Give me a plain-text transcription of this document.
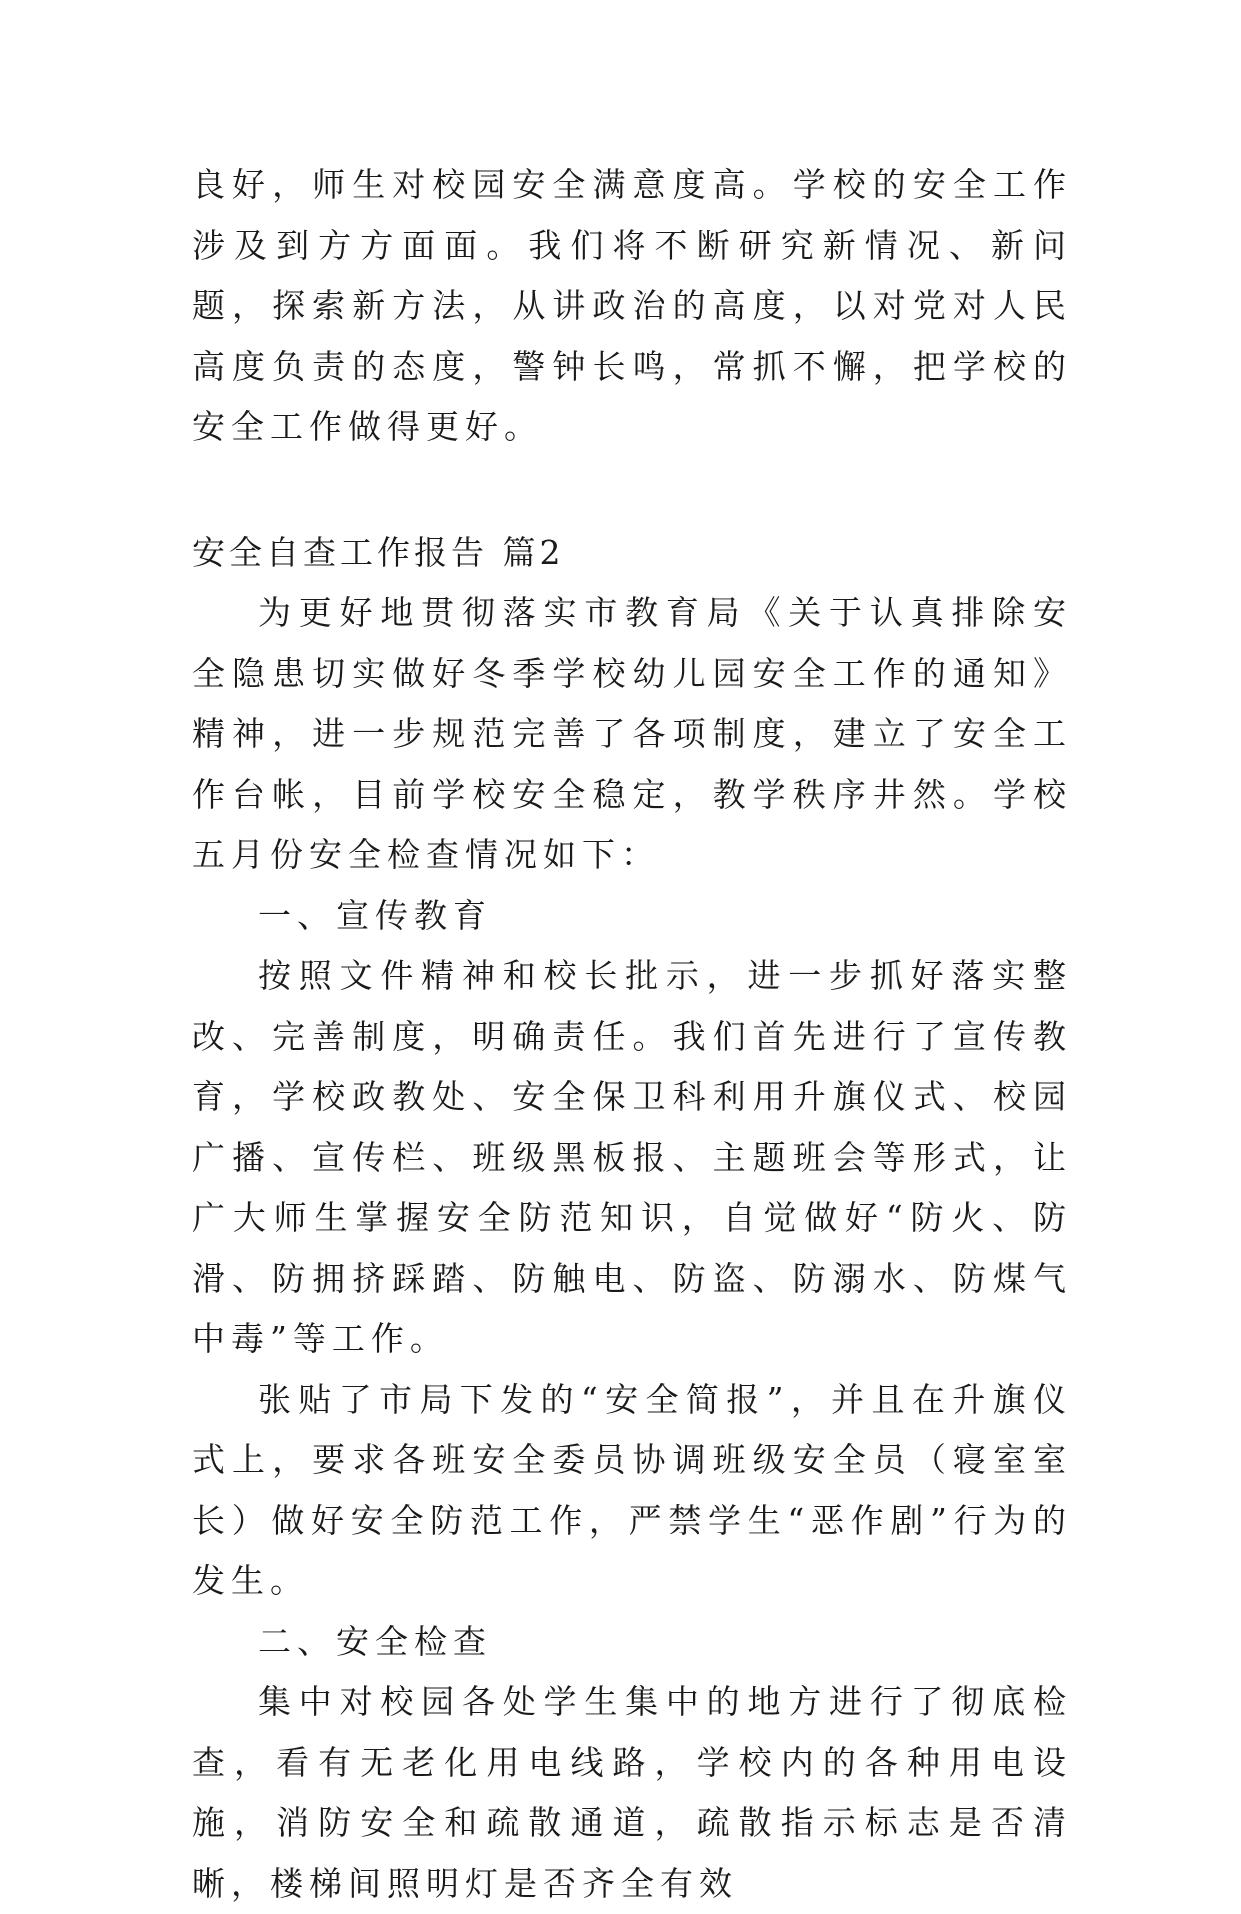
良好，师生对校园安全满意度高。学校的安全工作涉及到方方面面。我们将不断研究新情况、新问题，探索新方法，从讲政治的高度，以对党对人民高度负责的态度，警钟长鸣，常抓不懈，把学校的安全工作做得更好。

安全自查工作报告 篇2

为更好地贯彻落实市教育局《关于认真排除安全隐患切实做好冬季学校幼儿园安全工作的通知》精神，进一步规范完善了各项制度，建立了安全工作台帐，目前学校安全稳定，教学秩序井然。学校五月份安全检查情况如下：

一、宣传教育

按照文件精神和校长批示，进一步抓好落实整改、完善制度，明确责任。我们首先进行了宣传教育，学校政教处、安全保卫科利用升旗仪式、校园广播、宣传栏、班级黑板报、主题班会等形式，让广大师生掌握安全防范知识，自觉做好“防火、防滑、防拥挤踩踏、防触电、防盗、防溺水、防煤气中毒”等工作。

张贴了市局下发的“安全简报”，并且在升旗仪式上，要求各班安全委员协调班级安全员（寝室室长）做好安全防范工作，严禁学生“恶作剧”行为的发生。

二、安全检查

集中对校园各处学生集中的地方进行了彻底检查，看有无老化用电线路，学校内的各种用电设施，消防安全和疏散通道，疏散指示标志是否清晰，楼梯间照明灯是否齐全有效
